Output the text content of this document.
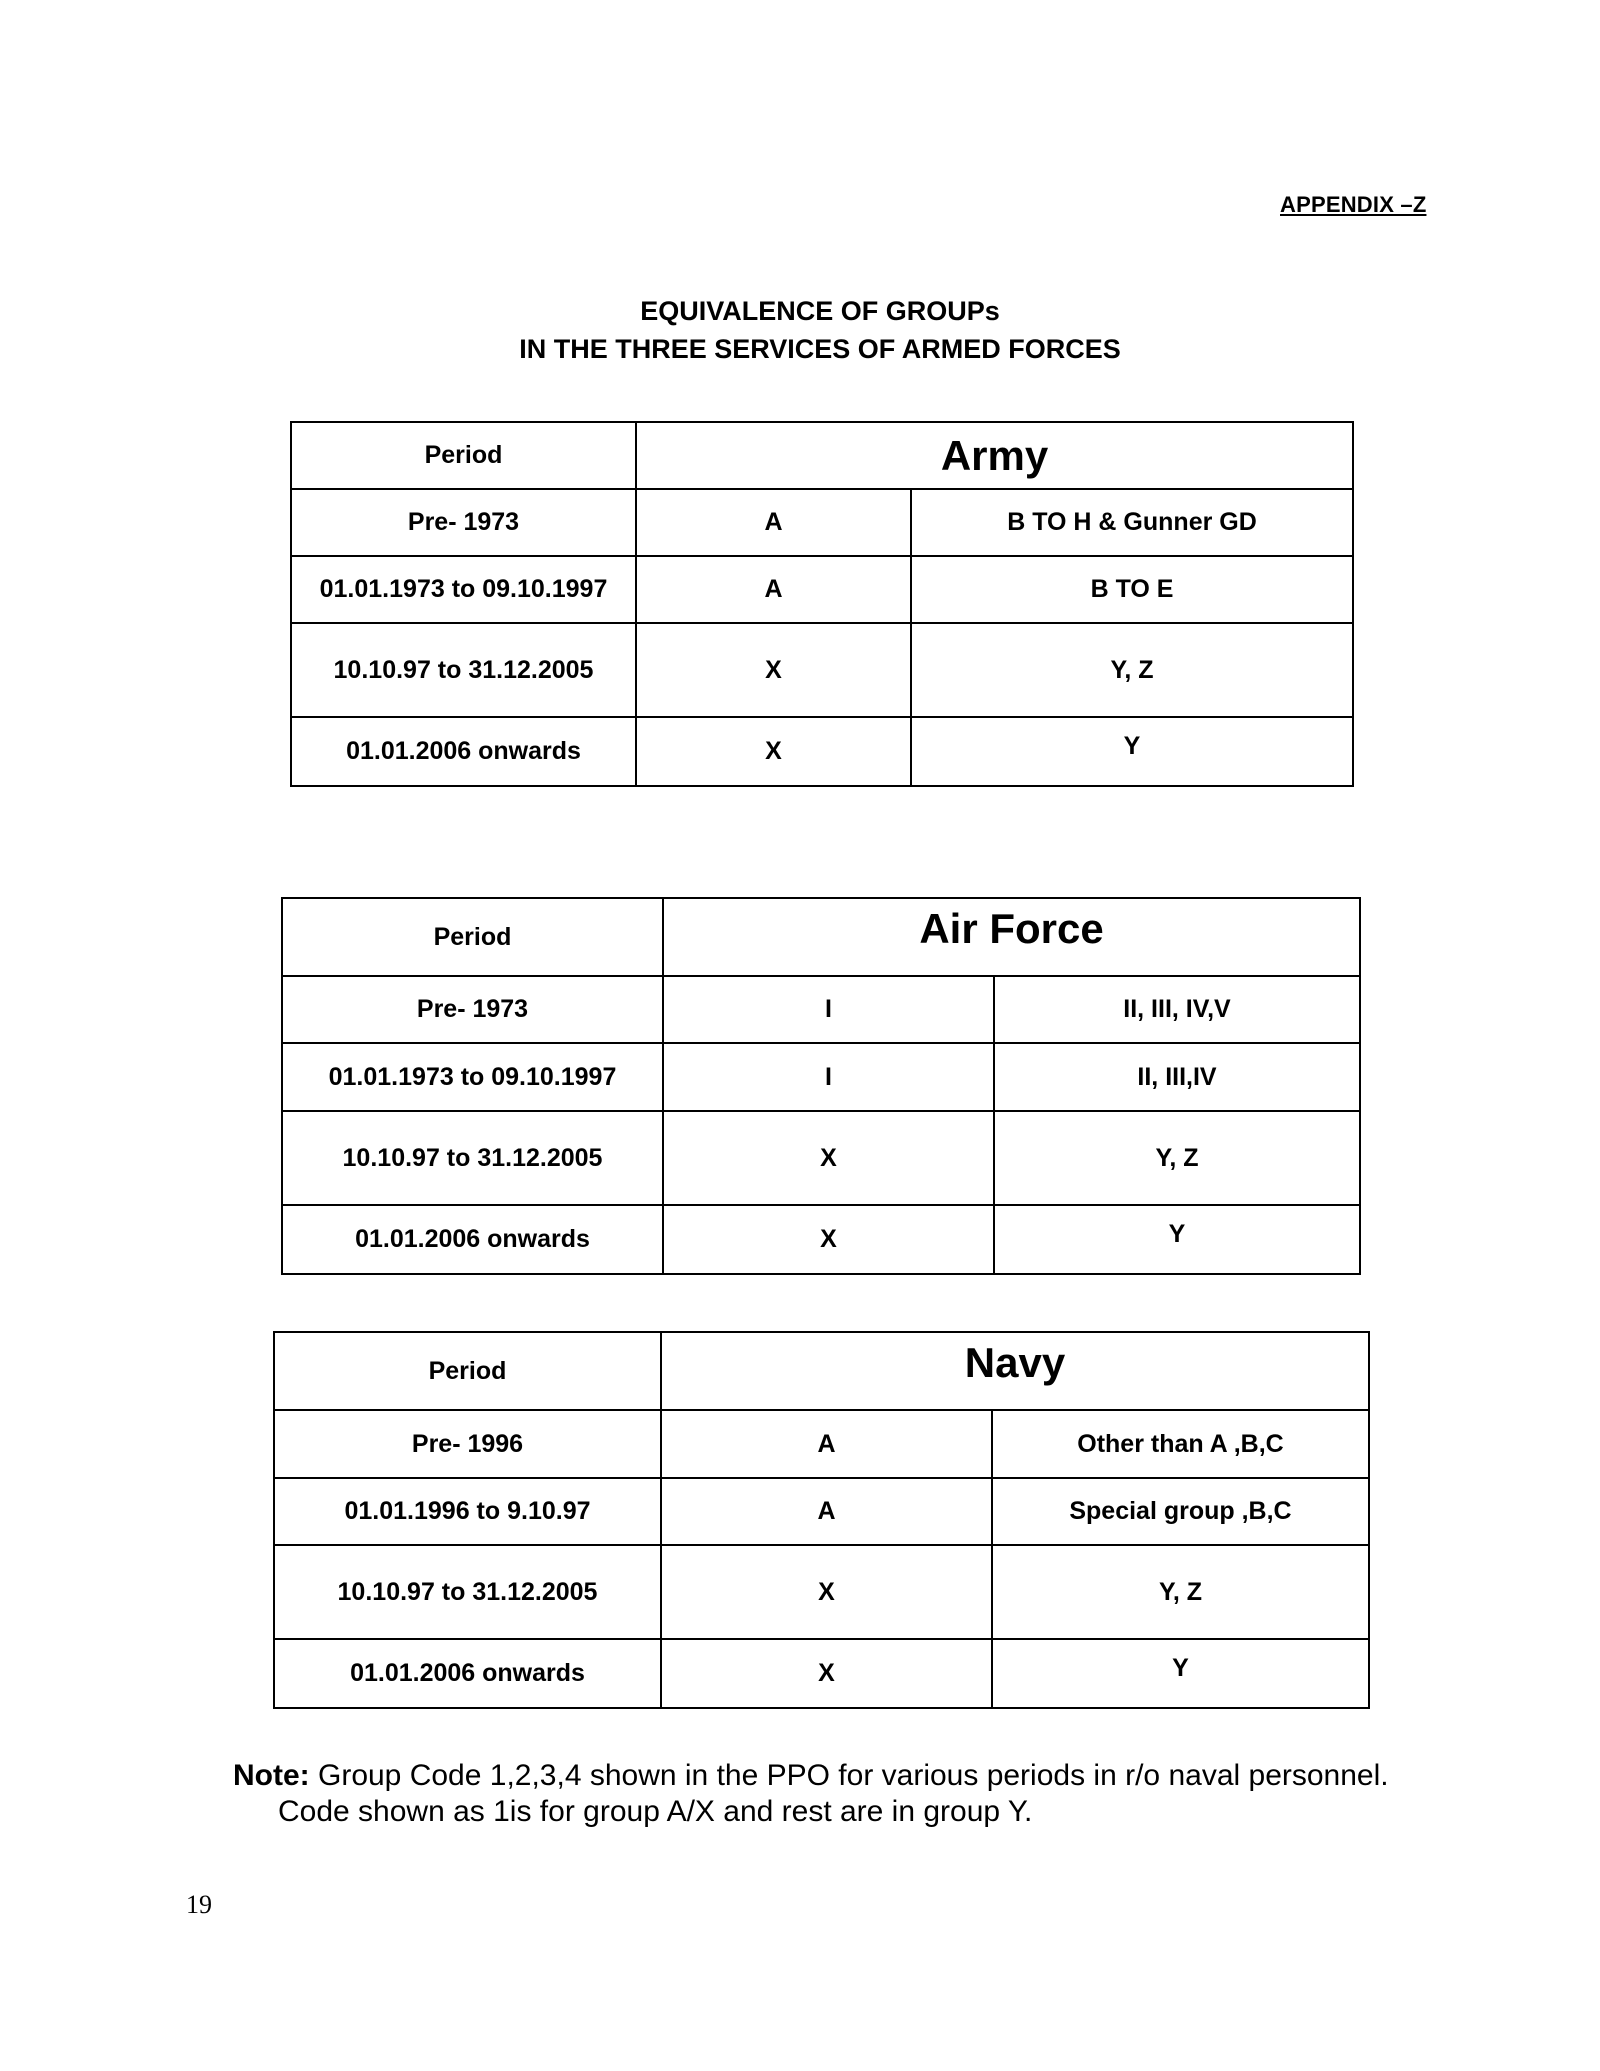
APPENDIX –Z
EQUIVALENCE OF GROUPs
IN THE THREE SERVICES OF ARMED FORCES
Period	Army	
Pre- 1973	A	B TO H & Gunner GD
01.01.1973 to 09.10.1997	A	B TO E
10.10.97 to 31.12.2005	X	Y, Z
01.01.2006 onwards	X	Y
Period	Air Force	
Pre- 1973	I	II, III, IV,V
01.01.1973 to 09.10.1997	I	II, III,IV
10.10.97 to 31.12.2005	X	Y, Z
01.01.2006 onwards	X	Y
Period	Navy	
Pre- 1996	A	Other than A ,B,C
01.01.1996 to 9.10.97	A	Special group ,B,C
10.10.97 to 31.12.2005	X	Y, Z
01.01.2006 onwards	X	Y
Note: Group Code 1,2,3,4 shown in the PPO for various periods in r/o naval personnel.
Code shown as 1is for group A/X and rest are in group Y.
19
